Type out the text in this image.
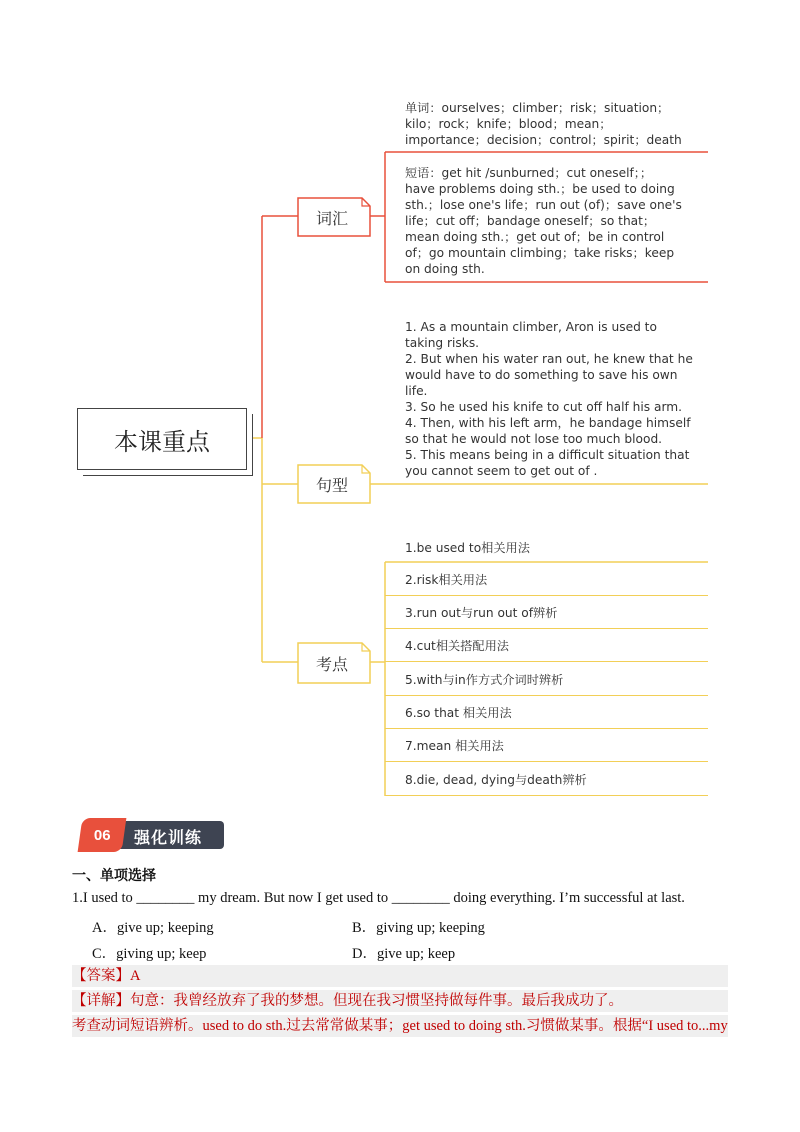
本课重点
词汇
句型
考点
单词：ourselves；climber；risk；situation；
kilo；rock；knife；blood；mean；
importance；decision；control；spirit；death
短语：get hit /sunburned；cut oneself；；
have problems doing sth.；be used to doing
sth.；lose one's life；run out (of)；save one's
life；cut off；bandage oneself；so that；
mean doing sth.；get out of；be in control
of；go mountain climbing；take risks；keep
on doing sth.
1. As a mountain climber, Aron is used to
taking risks.
2. But when his water ran out, he knew that he
would have to do something to save his own
life.
3. So he used his knife to cut off half his arm.
4. Then, with his left arm，he bandage himself
so that he would not lose too much blood.
5. This means being in a difficult situation that
you cannot seem to get out of .
1.be used to相关用法
2.risk相关用法
3.run out与run out of辨析
4.cut相关搭配用法
5.with与in作方式介词时辨析
6.so that 相关用法
7.mean 相关用法
8.die, dead, dying与death辨析
06 强化训练
一、单项选择
1.I used to ________ my dream. But now I get used to ________ doing everything. I’m successful at last.
A．give up; keeping	B．giving up; keeping
C．giving up; keep	D．give up; keep
【答案】A
【详解】句意：我曾经放弃了我的梦想。但现在我习惯坚持做每件事。最后我成功了。
考查动词短语辨析。used to do sth.过去常常做某事；get used to doing sth.习惯做某事。根据“I used to...my
